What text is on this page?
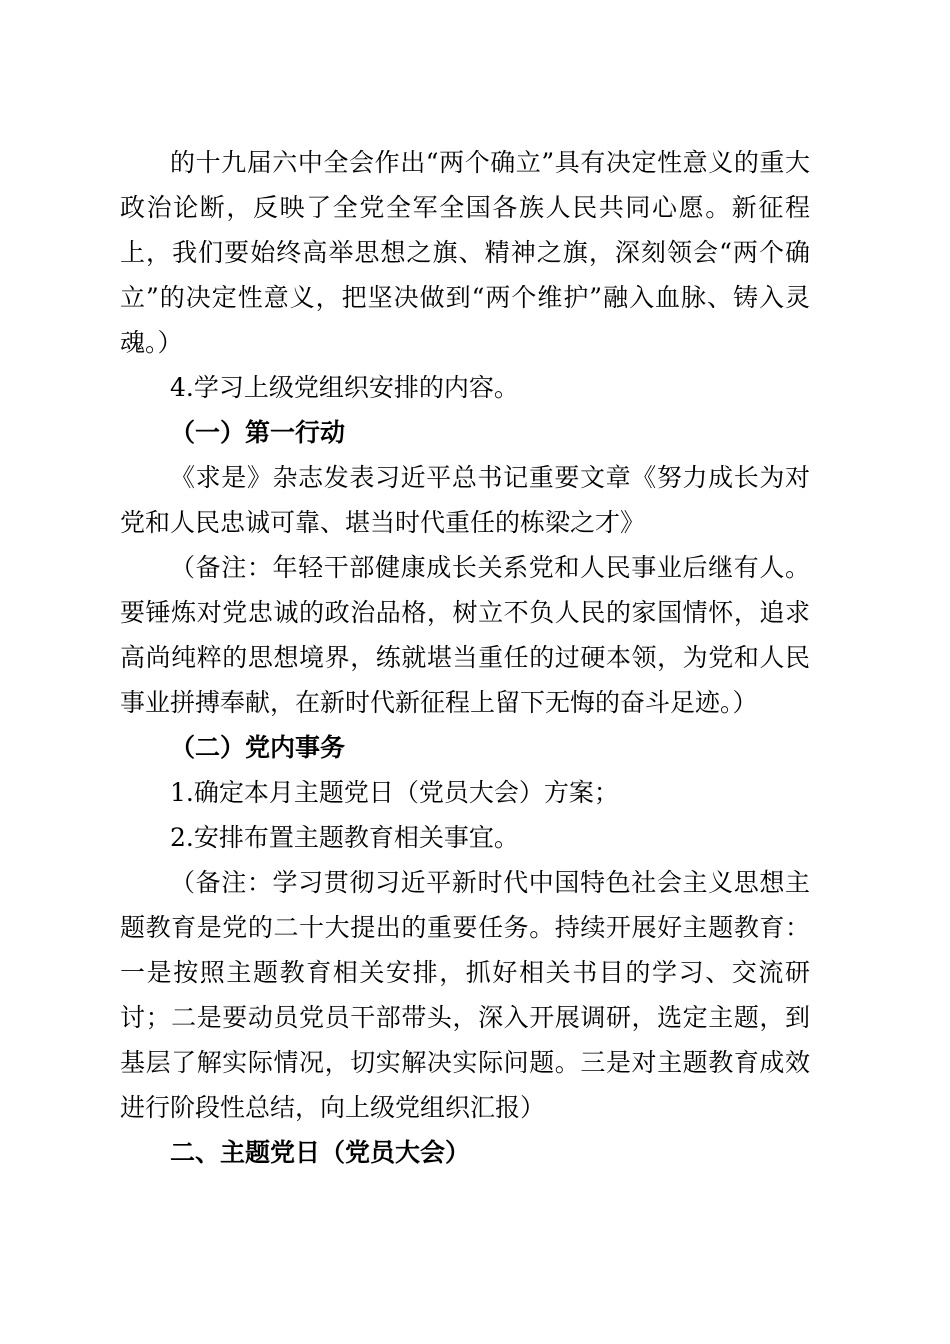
的十九届六中全会作出“两个确立”具有决定性意义的重大政治论断，反映了全党全军全国各族人民共同心愿。新征程上，我们要始终高举思想之旗、精神之旗，深刻领会“两个确立”的决定性意义，把坚决做到“两个维护”融入血脉、铸入灵魂。）

4.学习上级党组织安排的内容。

（一）第一行动

《求是》杂志发表习近平总书记重要文章《努力成长为对党和人民忠诚可靠、堪当时代重任的栋梁之才》

（备注：年轻干部健康成长关系党和人民事业后继有人。要锤炼对党忠诚的政治品格，树立不负人民的家国情怀，追求高尚纯粹的思想境界，练就堪当重任的过硬本领，为党和人民事业拼搏奉献，在新时代新征程上留下无悔的奋斗足迹。）

（二）党内事务

1.确定本月主题党日（党员大会）方案；

2.安排布置主题教育相关事宜。

（备注：学习贯彻习近平新时代中国特色社会主义思想主题教育是党的二十大提出的重要任务。持续开展好主题教育：一是按照主题教育相关安排，抓好相关书目的学习、交流研讨；二是要动员党员干部带头，深入开展调研，选定主题，到基层了解实际情况，切实解决实际问题。三是对主题教育成效进行阶段性总结，向上级党组织汇报）

二、主题党日（党员大会）
